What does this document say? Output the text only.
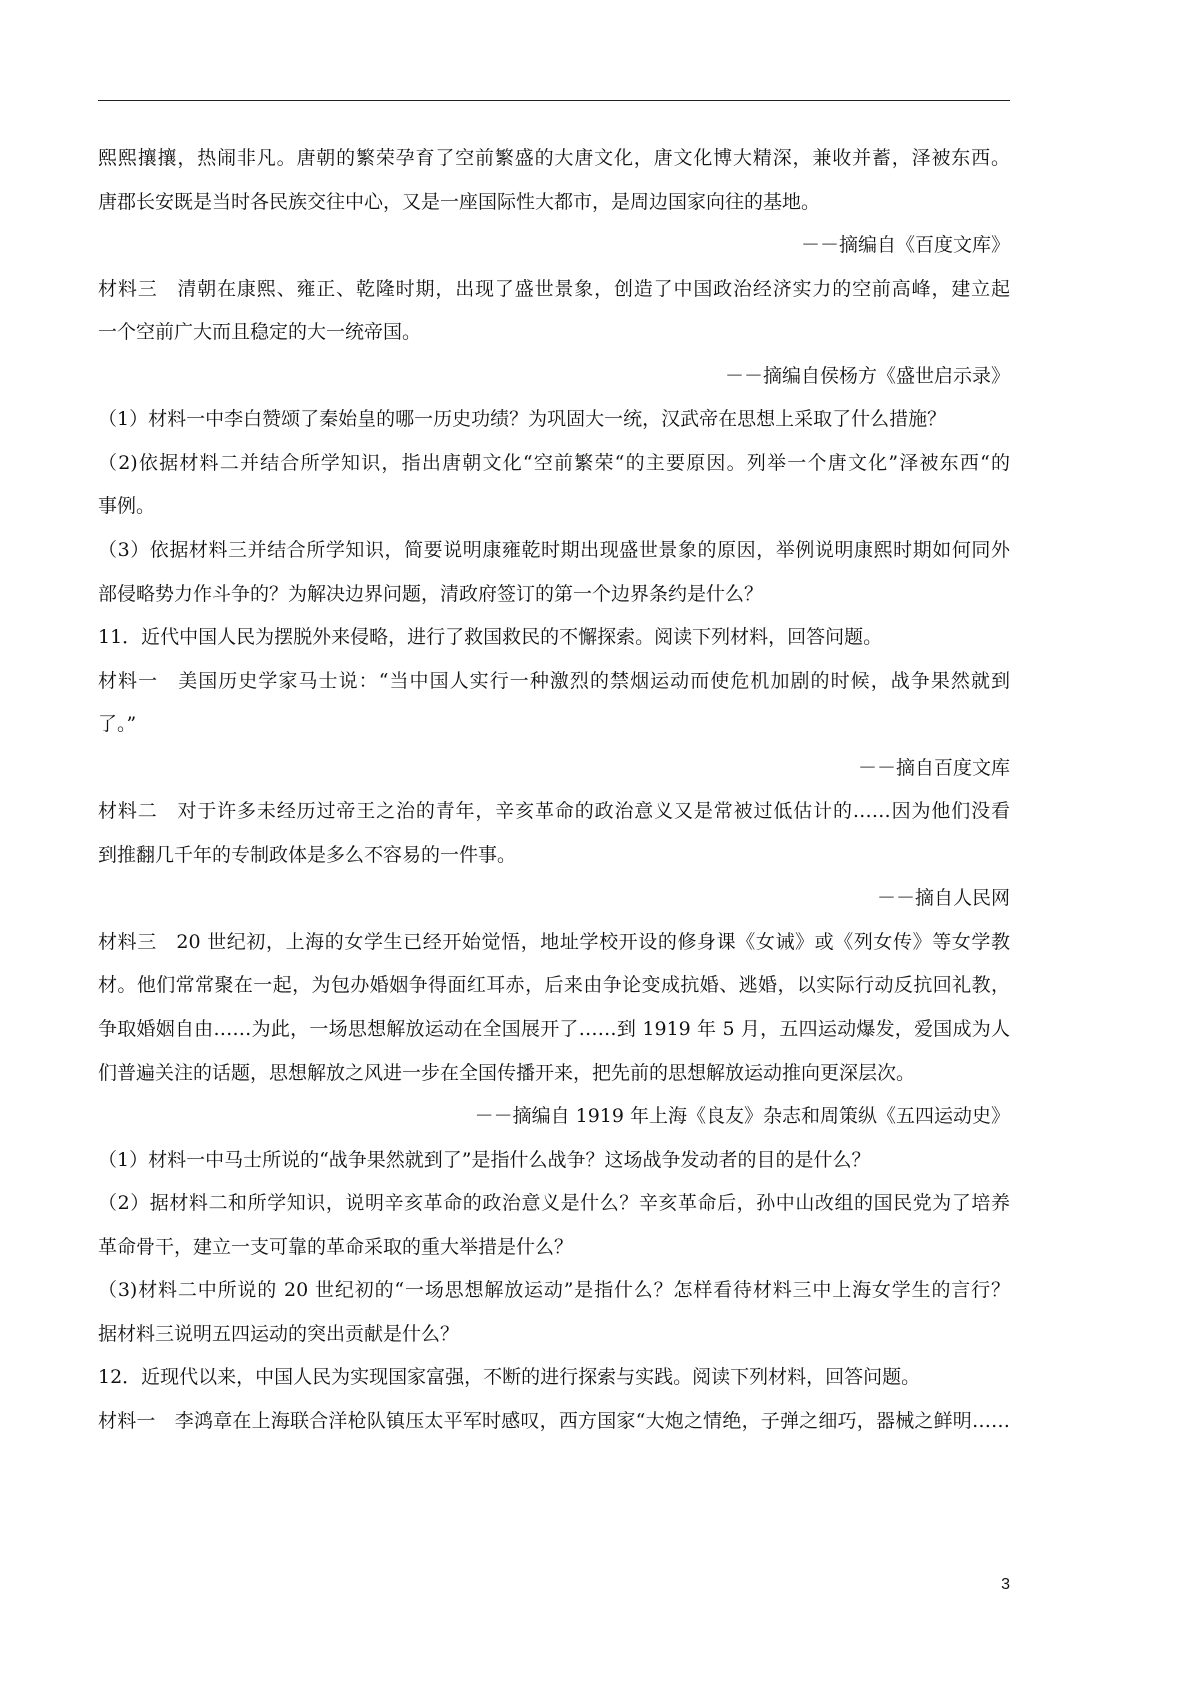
熙熙攘攘，热闹非凡。唐朝的繁荣孕育了空前繁盛的大唐文化，唐文化博大精深，兼收并蓄，泽被东西。
唐郡长安既是当时各民族交往中心，又是一座国际性大都市，是周边国家向往的基地。
－－摘编自《百度文库》
材料三　清朝在康熙、雍正、乾隆时期，出现了盛世景象，创造了中国政治经济实力的空前高峰，建立起
一个空前广大而且稳定的大一统帝国。
－－摘编自侯杨方《盛世启示录》
（1）材料一中李白赞颂了秦始皇的哪一历史功绩？为巩固大一统，汉武帝在思想上采取了什么措施？
（2)依据材料二并结合所学知识，指出唐朝文化“空前繁荣“的主要原因。列举一个唐文化”泽被东西“的
事例。
（3）依据材料三并结合所学知识，简要说明康雍乾时期出现盛世景象的原因，举例说明康熙时期如何同外
部侵略势力作斗争的？为解决边界问题，清政府签订的第一个边界条约是什么？
11．近代中国人民为摆脱外来侵略，进行了救国救民的不懈探索。阅读下列材料，回答问题。
材料一　美国历史学家马士说：“当中国人实行一种激烈的禁烟运动而使危机加剧的时候，战争果然就到
了。”
－－摘自百度文库
材料二　对于许多未经历过帝王之治的青年，辛亥革命的政治意义又是常被过低估计的……因为他们没看
到推翻几千年的专制政体是多么不容易的一件事。
－－摘自人民网
材料三　20 世纪初，上海的女学生已经开始觉悟，地址学校开设的修身课《女诫》或《列女传》等女学教
材。他们常常聚在一起，为包办婚姻争得面红耳赤，后来由争论变成抗婚、逃婚，以实际行动反抗回礼教，
争取婚姻自由……为此，一场思想解放运动在全国展开了……到 1919 年 5 月，五四运动爆发，爱国成为人
们普遍关注的话题，思想解放之风进一步在全国传播开来，把先前的思想解放运动推向更深层次。
－－摘编自 1919 年上海《良友》杂志和周策纵《五四运动史》
（1）材料一中马士所说的“战争果然就到了”是指什么战争？这场战争发动者的目的是什么？
（2）据材料二和所学知识，说明辛亥革命的政治意义是什么？辛亥革命后，孙中山改组的国民党为了培养
革命骨干，建立一支可靠的革命采取的重大举措是什么？
（3)材料二中所说的 20 世纪初的“一场思想解放运动”是指什么？怎样看待材料三中上海女学生的言行？
据材料三说明五四运动的突出贡献是什么？
12．近现代以来，中国人民为实现国家富强，不断的进行探索与实践。阅读下列材料，回答问题。
材料一　李鸿章在上海联合洋枪队镇压太平军时感叹，西方国家“大炮之情绝，子弹之细巧，器械之鲜明……
3
